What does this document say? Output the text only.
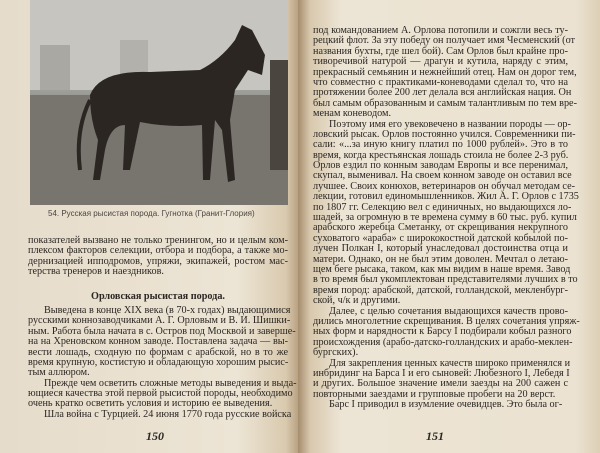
54. Русская рысистая порода. Гугнотка (Гранит-Глория)
показателей вызвано не только тренингом, но и целым ком-
плексом факторов селекции, отбора и подбора, а также мо-
дернизацией ипподромов, упряжи, экипажей, ростом мас-
терства тренеров и наездников.
Орловская рысистая порода.
Выведена в конце XIX века (в 70-х годах) выдающимися
русскими коннозаводчиками А. Г. Орловым и В. И. Шишки-
ным. Работа была начата в с. Остров под Москвой и заверше-
на на Хреновском конном заводе. Поставлена задача — вы-
вести лошадь, сходную по формам с арабской, но в то же
время крупную, костистую и обладающую хорошим рысис-
тым аллюром.
Прежде чем осветить сложные методы выведения и выда-
ющиеся качества этой первой рысистой породы, необходимо
очень кратко осветить условия и историю ее выведения.
Шла война с Турцией. 24 июня 1770 года русские войска
150
под командованием А. Орлова потопили и сожгли весь ту-
рецкий флот. За эту победу он получает имя Чесменский (от
названия бухты, где шел бой). Сам Орлов был крайне про-
тиворечивой натурой — драгун и кутила, наряду с этим,
прекрасный семьянин и нежнейший отец. Нам он дорог тем,
что совместно с практиками-коневодами сделал то, что на
протяжении более 200 лет делала вся английская нация. Он
был самым образованным и самым талантливым по тем вре-
менам коневодом.
Поэтому имя его увековечено в названии породы — ор-
ловский рысак. Орлов постоянно учился. Современники пи-
сали: «...за иную книгу платил по 1000 рублей». Это в то
время, когда крестьянская лошадь стоила не более 2-3 руб.
Орлов ездил по конным заводам Европы и все перенимал,
скупал, выменивал. На своем конном заводе он оставил все
лучшее. Своих конюхов, ветеринаров он обучал методам се-
лекции, готовил единомышленников. Жил А. Г. Орлов с 1735
по 1807 гг. Селекцию вел с единичных, но выдающихся ло-
шадей, за огромную в те времена сумму в 60 тыс. руб. купил
арабского жеребца Сметанку, от скрещивания некрупного
суховатого «араба» с ширококостной датской кобылой по-
лучен Полкан I, который унаследовал достоинства отца и
матери. Однако, он не был этим доволен. Мечтал о летаю-
щем беге рысака, таком, как мы видим в наше время. Завод
в то время был укомплектован представителями лучших в то
время пород: арабской, датской, голландской, мекленбург-
ской, ч/к и другими.
Далее, с целью сочетания выдающихся качеств прово-
дились многолетние скрещивания. В целях сочетания упряж-
ных форм и нарядности к Барсу I подбирали кобыл разного
происхождения (арабо-датско-голландских и арабо-меклен-
бургских).
Для закрепления ценных качеств широко применялся и
инбридинг на Барса I и его сыновей: Любезного I, Лебедя I
и других. Большое значение имели заезды на 200 сажен с
повторными заездами и групповые пробеги на 20 верст.
Барс I приводил в изумление очевидцев. Это была ог-
151
